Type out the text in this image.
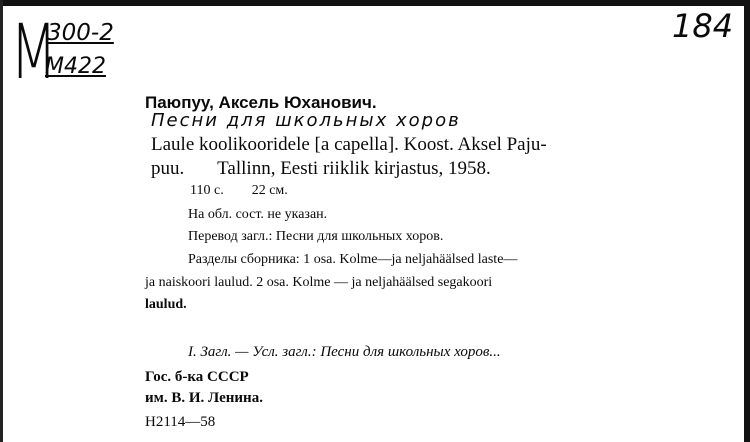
М
300-2
М422
184
Паюпуу, Аксель Юханович.
Песни для школьных хоров
Laule koolikooridele [a capella]. Koost. Aksel Paju-
puu.       Tallinn, Eesti riiklik kirjastus, 1958.
110 с.        22 см.
На обл. сост. не указан.
Перевод загл.: Песни для школьных хоров.
Разделы сборника: 1 osa. Kolme—ja neljahäälsed laste—
ja naiskoori laulud. 2 osa. Kolme — ja neljahäälsed segakoori
laulud.
I. Загл. — Усл. загл.: Песни для школьных хоров...
Гос. б-ка СССР
им. В. И. Ленина.
Н2114—58
